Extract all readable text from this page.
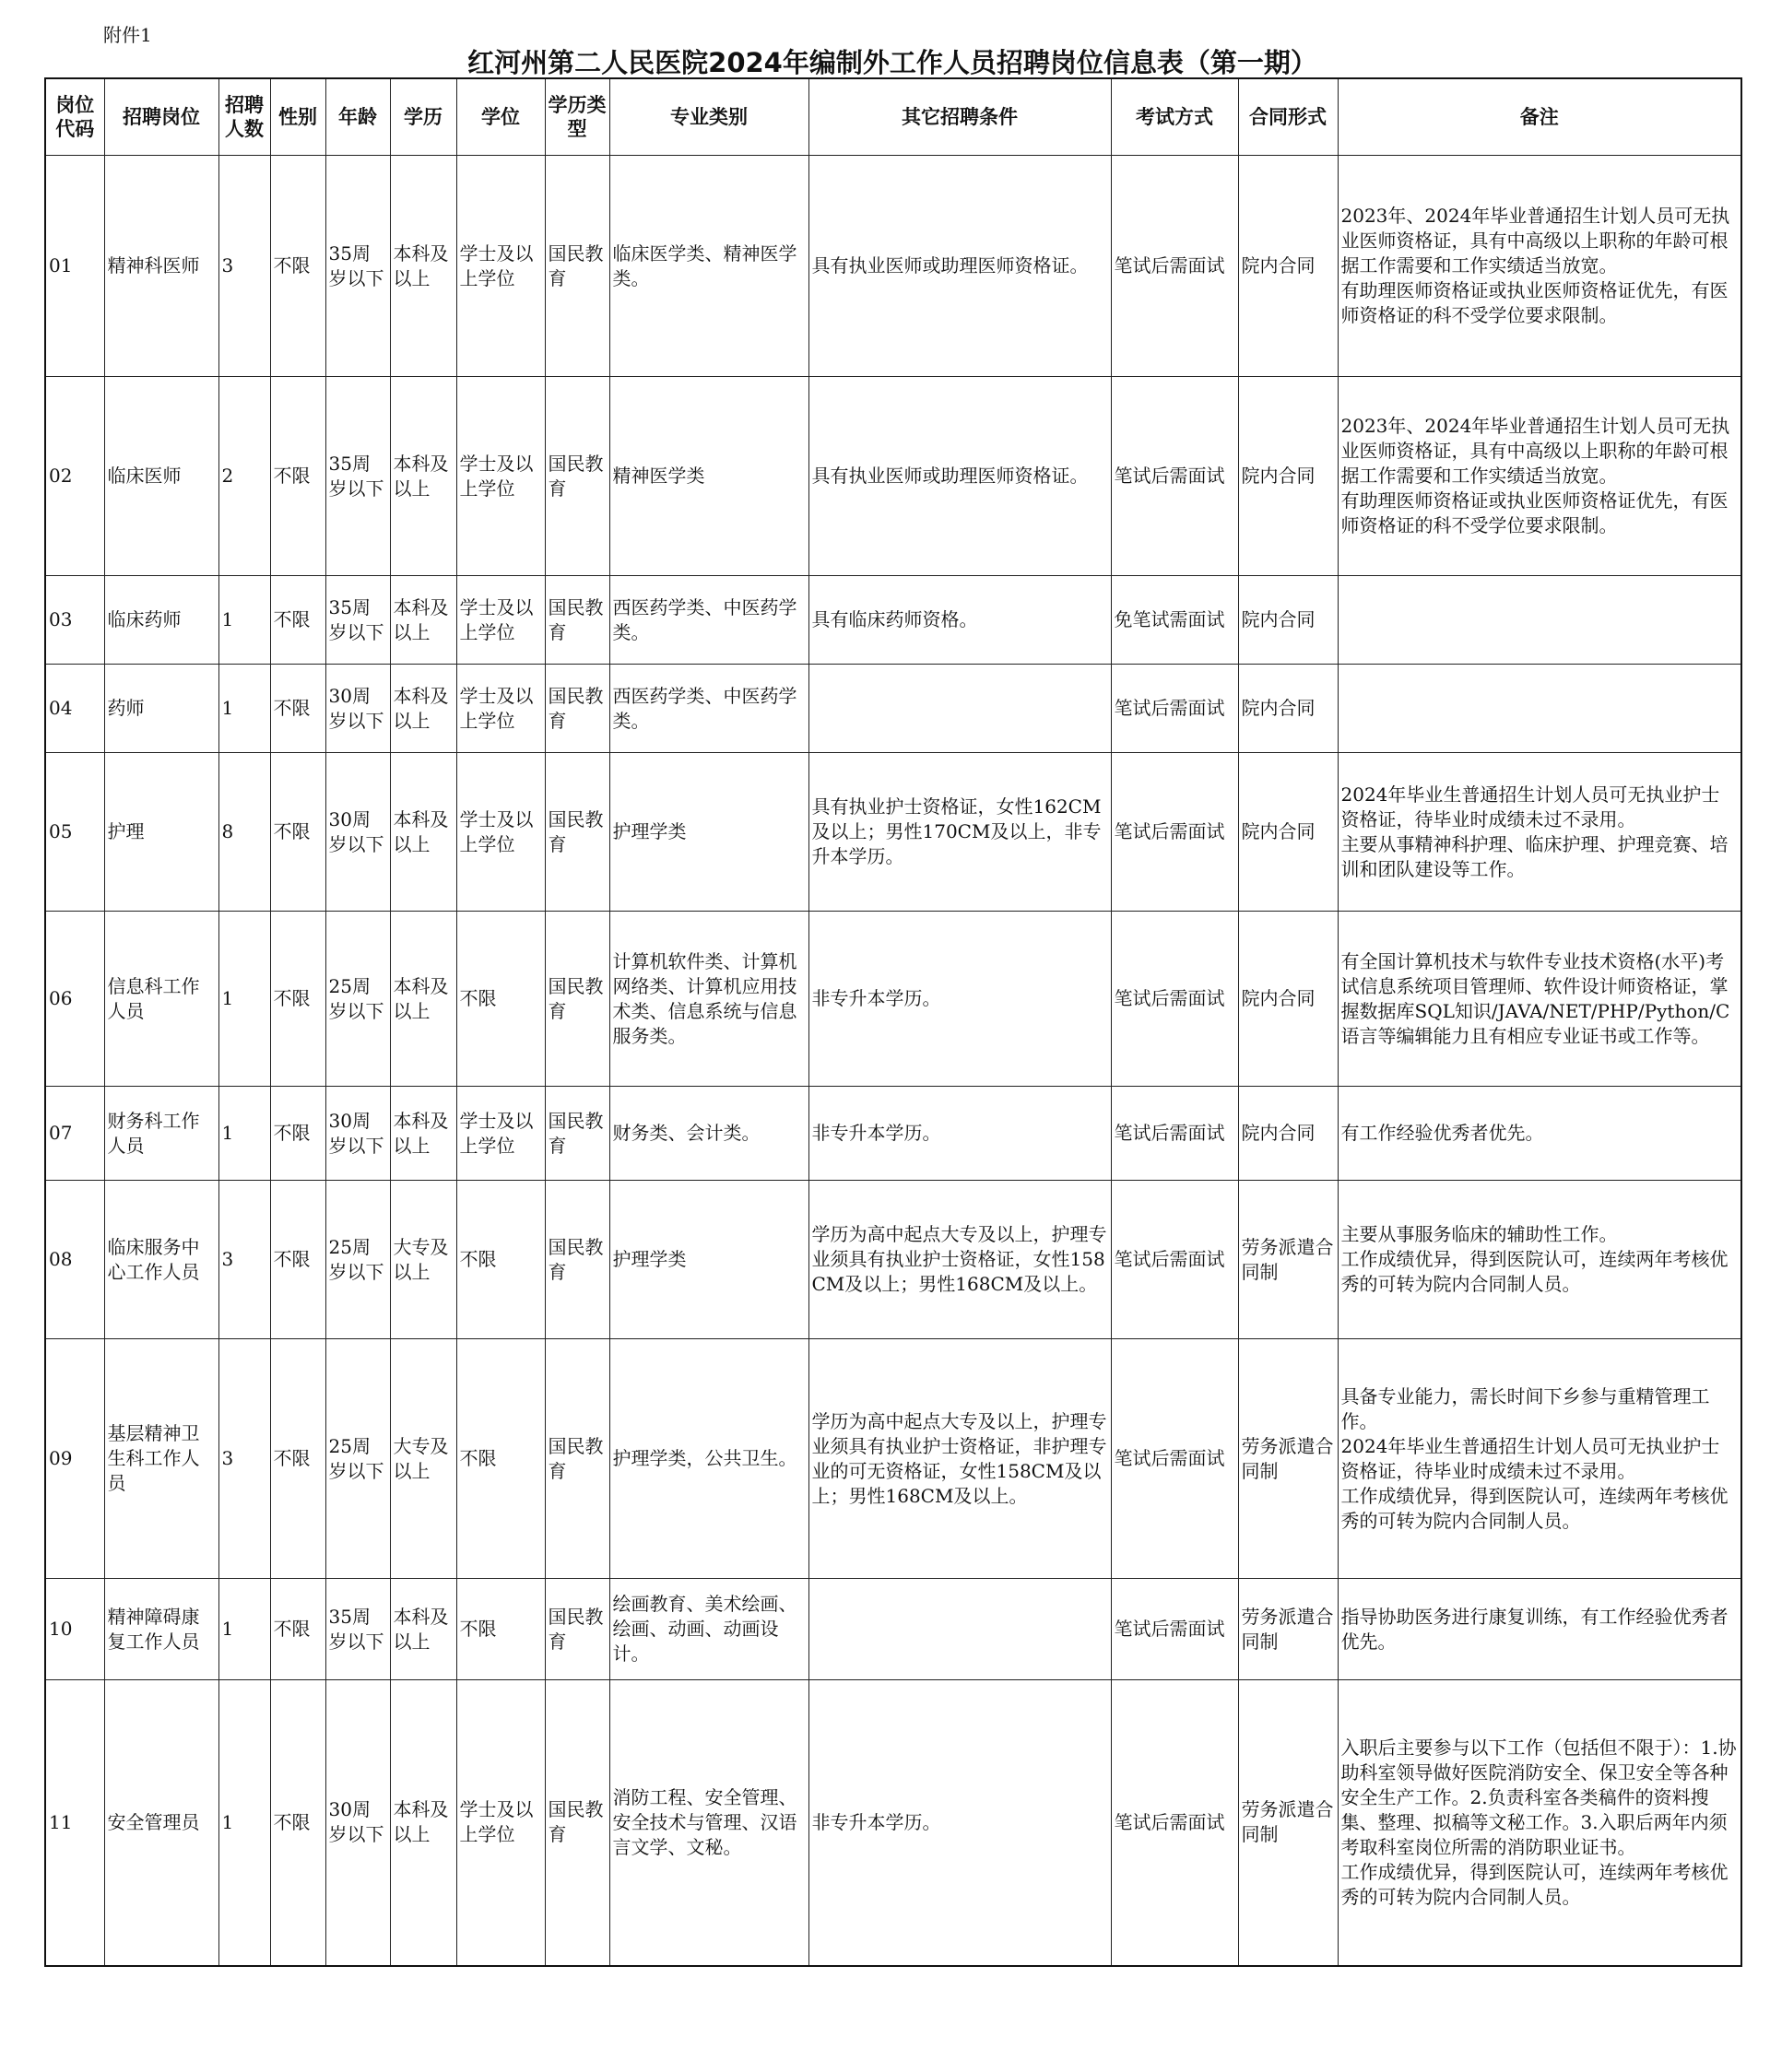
附件1
红河州第二人民医院2024年编制外工作人员招聘岗位信息表（第一期）
岗位代码	招聘岗位	招聘人数	性别	年龄	学历	学位	学历类型	专业类别	其它招聘条件	考试方式	合同形式	备注
01	精神科医师	3	不限	35周岁以下	本科及以上	学士及以上学位	国民教育	临床医学类、精神医学类。	具有执业医师或助理医师资格证。	笔试后需面试	院内合同	2023年、2024年毕业普通招生计划人员可无执业医师资格证，具有中高级以上职称的年龄可根据工作需要和工作实绩适当放宽。
有助理医师资格证或执业医师资格证优先，有医师资格证的科不受学位要求限制。
02	临床医师	2	不限	35周岁以下	本科及以上	学士及以上学位	国民教育	精神医学类	具有执业医师或助理医师资格证。	笔试后需面试	院内合同	2023年、2024年毕业普通招生计划人员可无执业医师资格证，具有中高级以上职称的年龄可根据工作需要和工作实绩适当放宽。
有助理医师资格证或执业医师资格证优先，有医师资格证的科不受学位要求限制。
03	临床药师	1	不限	35周岁以下	本科及以上	学士及以上学位	国民教育	西医药学类、中医药学类。	具有临床药师资格。	免笔试需面试	院内合同	
04	药师	1	不限	30周岁以下	本科及以上	学士及以上学位	国民教育	西医药学类、中医药学类。		笔试后需面试	院内合同	
05	护理	8	不限	30周岁以下	本科及以上	学士及以上学位	国民教育	护理学类	具有执业护士资格证，女性162CM及以上；男性170CM及以上，非专升本学历。	笔试后需面试	院内合同	2024年毕业生普通招生计划人员可无执业护士资格证，待毕业时成绩未过不录用。
主要从事精神科护理、临床护理、护理竞赛、培训和团队建设等工作。
06	信息科工作人员	1	不限	25周岁以下	本科及以上	不限	国民教育	计算机软件类、计算机网络类、计算机应用技术类、信息系统与信息服务类。	非专升本学历。	笔试后需面试	院内合同	有全国计算机技术与软件专业技术资格(水平)考试信息系统项目管理师、软件设计师资格证，掌握数据库SQL知识/JAVA/NET/PHP/Python/C语言等编辑能力且有相应专业证书或工作等。
07	财务科工作人员	1	不限	30周岁以下	本科及以上	学士及以上学位	国民教育	财务类、会计类。	非专升本学历。	笔试后需面试	院内合同	有工作经验优秀者优先。
08	临床服务中心工作人员	3	不限	25周岁以下	大专及以上	不限	国民教育	护理学类	学历为高中起点大专及以上，护理专业须具有执业护士资格证，女性158CM及以上；男性168CM及以上。	笔试后需面试	劳务派遣合同制	主要从事服务临床的辅助性工作。
工作成绩优异，得到医院认可，连续两年考核优秀的可转为院内合同制人员。
09	基层精神卫生科工作人员	3	不限	25周岁以下	大专及以上	不限	国民教育	护理学类，公共卫生。	学历为高中起点大专及以上，护理专业须具有执业护士资格证，非护理专业的可无资格证，女性158CM及以上；男性168CM及以上。	笔试后需面试	劳务派遣合同制	具备专业能力，需长时间下乡参与重精管理工作。
2024年毕业生普通招生计划人员可无执业护士资格证，待毕业时成绩未过不录用。
工作成绩优异，得到医院认可，连续两年考核优秀的可转为院内合同制人员。
10	精神障碍康复工作人员	1	不限	35周岁以下	本科及以上	不限	国民教育	绘画教育、美术绘画、绘画、动画、动画设计。		笔试后需面试	劳务派遣合同制	指导协助医务进行康复训练，有工作经验优秀者优先。
11	安全管理员	1	不限	30周岁以下	本科及以上	学士及以上学位	国民教育	消防工程、安全管理、安全技术与管理、汉语言文学、文秘。	非专升本学历。	笔试后需面试	劳务派遣合同制	入职后主要参与以下工作（包括但不限于）：1.协助科室领导做好医院消防安全、保卫安全等各种安全生产工作。2.负责科室各类稿件的资料搜集、整理、拟稿等文秘工作。3.入职后两年内须考取科室岗位所需的消防职业证书。
工作成绩优异，得到医院认可，连续两年考核优秀的可转为院内合同制人员。
